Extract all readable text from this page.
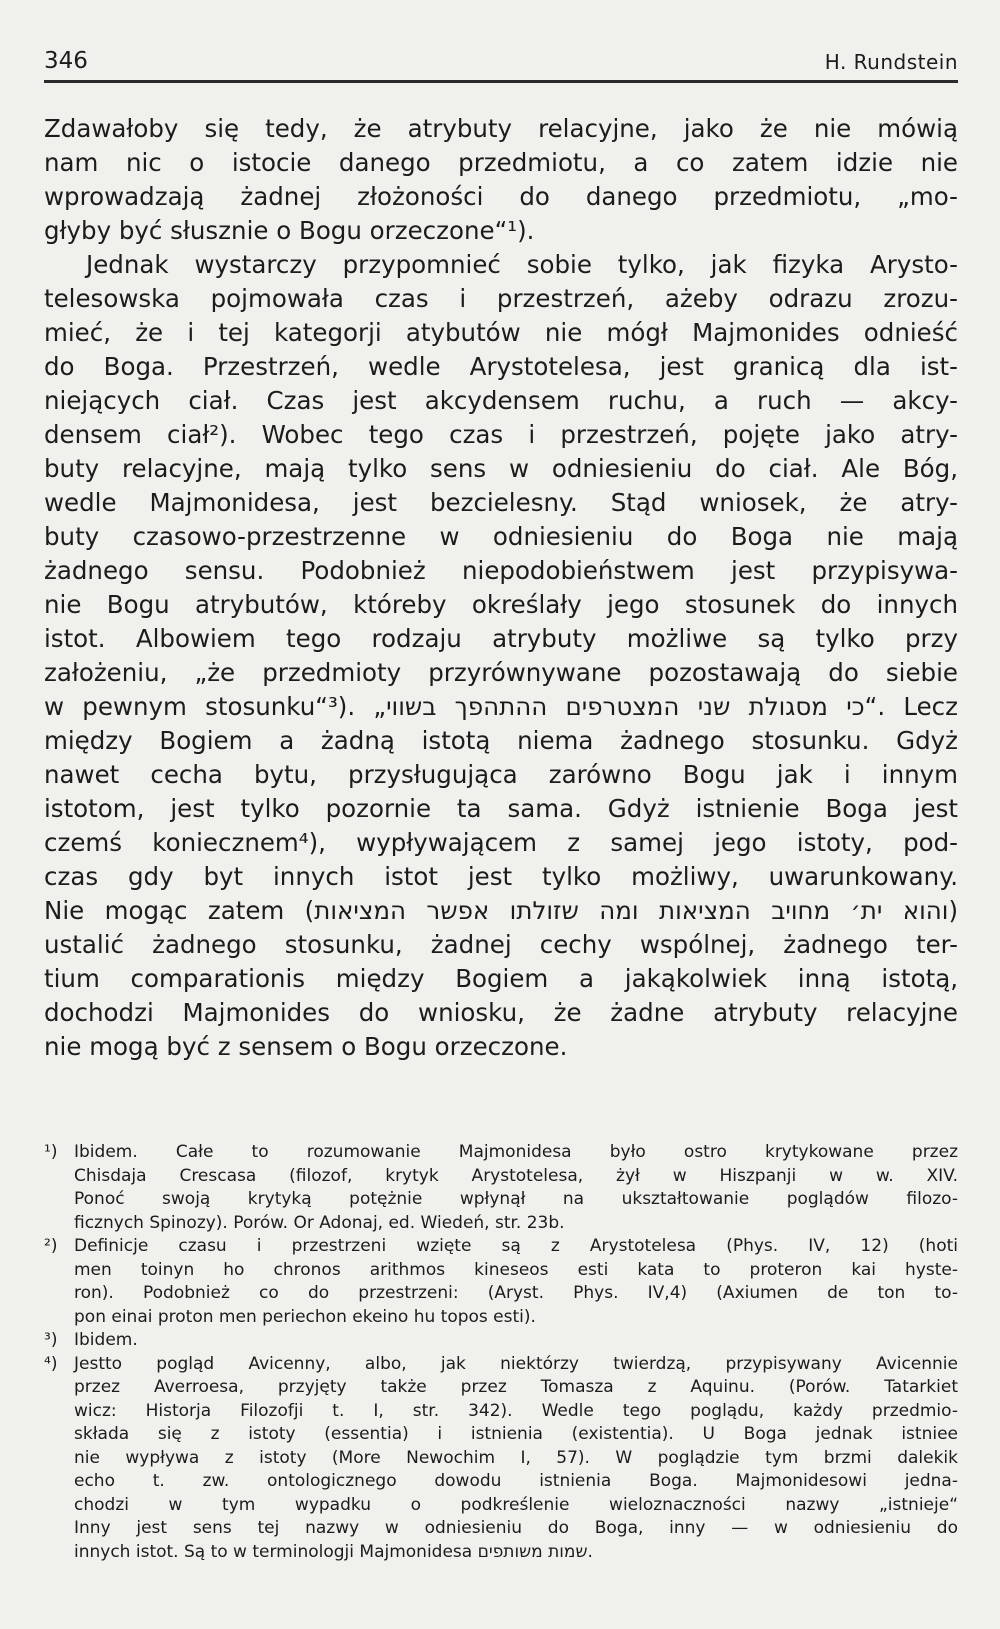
346	H. Rundstein
Zdawałoby się tedy, że atrybuty relacyjne, jako że nie mówią
nam nic o istocie danego przedmiotu, a co zatem idzie nie
wprowadzają żadnej złożoności do danego przedmiotu, „mo-
głyby być słusznie o Bogu orzeczone“¹).
Jednak wystarczy przypomnieć sobie tylko, jak fizyka Arysto-
telesowska pojmowała czas i przestrzeń, ażeby odrazu zrozu-
mieć, że i tej kategorji atybutów nie mógł Majmonides odnieść
do Boga. Przestrzeń, wedle Arystotelesa, jest granicą dla ist-
niejących ciał. Czas jest akcydensem ruchu, a ruch — akcy-
densem ciał²). Wobec tego czas i przestrzeń, pojęte jako atry-
buty relacyjne, mają tylko sens w odniesieniu do ciał. Ale Bóg,
wedle Majmonidesa, jest bezcielesny. Stąd wniosek, że atry-
buty czasowo-przestrzenne w odniesieniu do Boga nie mają
żadnego sensu. Podobnież niepodobieństwem jest przypisywa-
nie Bogu atrybutów, któreby określały jego stosunek do innych
istot. Albowiem tego rodzaju atrybuty możliwe są tylko przy
założeniu, „że przedmioty przyrównywane pozostawają do siebie
w pewnym stosunku“³). „כי מסגולת שני המצטרפים ההתהפך בשווי“. Lecz
między Bogiem a żadną istotą niema żadnego stosunku. Gdyż
nawet cecha bytu, przysługująca zarówno Bogu jak i innym
istotom, jest tylko pozornie ta sama. Gdyż istnienie Boga jest
czemś koniecznem⁴), wypływającem z samej jego istoty, pod-
czas gdy byt innych istot jest tylko możliwy, uwarunkowany.
Nie mogąc zatem (והוא ית׳ מחויב המציאות ומה שזולתו אפשר המציאות)
ustalić żadnego stosunku, żadnej cechy wspólnej, żadnego ter-
tium comparationis między Bogiem a jakąkolwiek inną istotą,
dochodzi Majmonides do wniosku, że żadne atrybuty relacyjne
nie mogą być z sensem o Bogu orzeczone.
¹) Ibidem. Całe to rozumowanie Majmonidesa było ostro krytykowane przez
Chisdaja Crescasa (filozof, krytyk Arystotelesa, żył w Hiszpanji w w. XIV.
Ponoć swoją krytyką potężnie wpłynął na ukształtowanie poglądów filozo-
ficznych Spinozy). Porów. Or Adonaj, ed. Wiedeń, str. 23b.
²) Definicje czasu i przestrzeni wzięte są z Arystotelesa (Phys. IV, 12) (hoti
men toinyn ho chronos arithmos kineseos esti kata to proteron kai hyste-
ron). Podobnież co do przestrzeni: (Aryst. Phys. IV,4) (Axiumen de ton to-
pon einai proton men periechon ekeino hu topos esti).
³) Ibidem.
⁴) Jestto pogląd Avicenny, albo, jak niektórzy twierdzą, przypisywany Avicennie
przez Averroesa, przyjęty także przez Tomasza z Aquinu. (Porów. Tatarkiet
wicz: Historja Filozofji t. I, str. 342). Wedle tego poglądu, każdy przedmio-
składa się z istoty (essentia) i istnienia (existentia). U Boga jednak istniee
nie wypływa z istoty (More Newochim I, 57). W poglądzie tym brzmi dalekik
echo t. zw. ontologicznego dowodu istnienia Boga. Majmonidesowi jedna-
chodzi w tym wypadku o podkreślenie wieloznaczności nazwy „istnieje“
Inny jest sens tej nazwy w odniesieniu do Boga, inny — w odniesieniu do
innych istot. Są to w terminologji Majmonidesa שמות משותפים.
